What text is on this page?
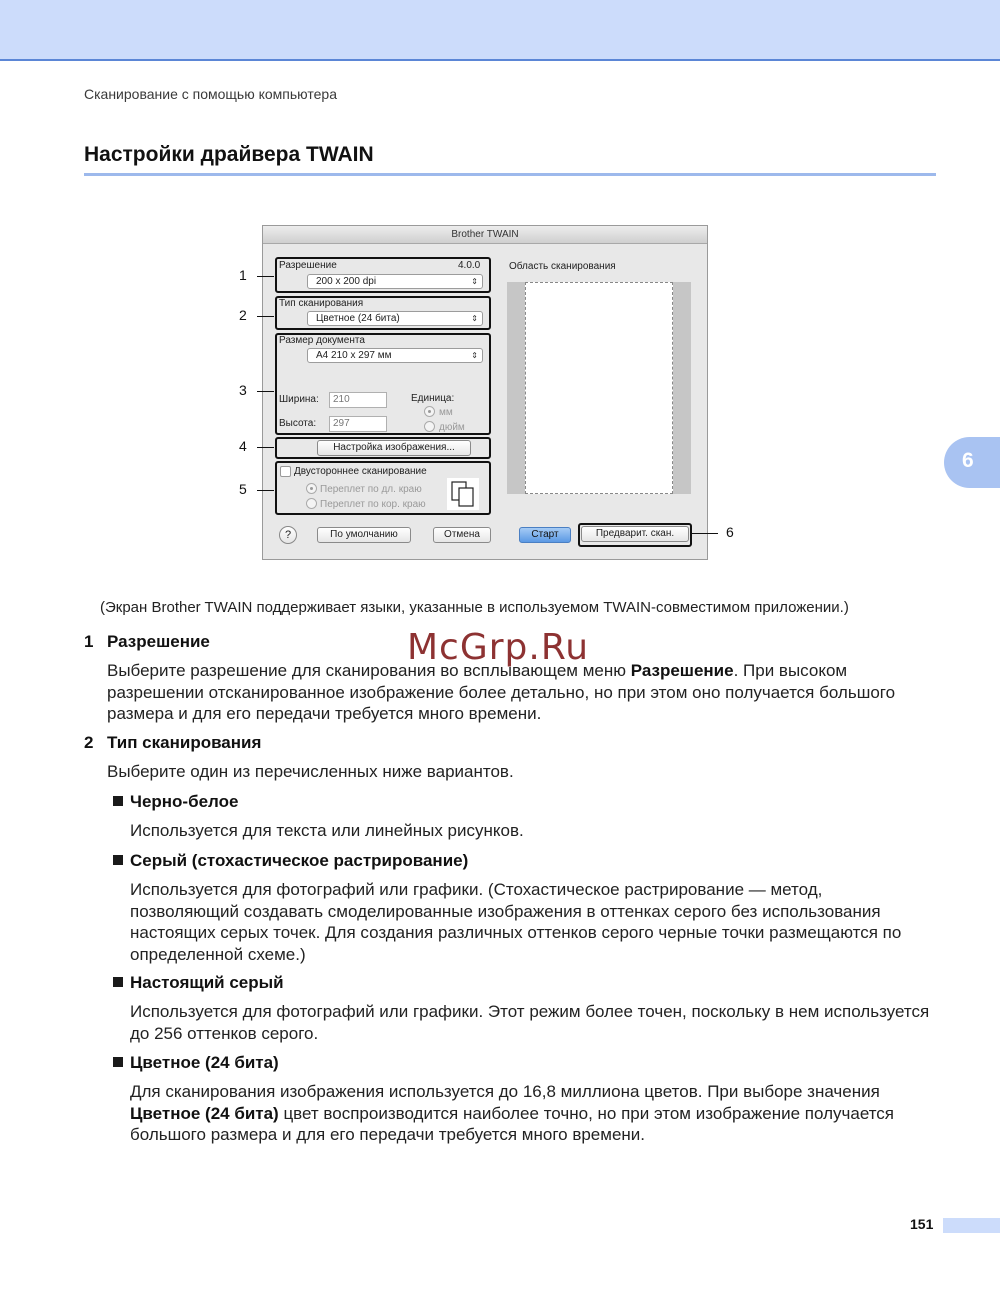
Сканирование с помощью компьютера
Настройки драйвера TWAIN
6
Brother TWAIN
Разрешение	4.0.0
200 x 200 dpi	⇕
Тип сканирования
Цветное (24 бита)	⇕
Размер документа
A4 210 x 297 мм	⇕
Ширина:	210
Высота:	297
Единица:
мм
дюйм
Настройка изображения...
Двустороннее сканирование
Переплет по дл. краю
Переплет по кор. краю
?	По умолчанию	Отмена	Старт	Предварит. скан.
Область сканирования
1
2
3
4
5
6
(Экран Brother TWAIN поддерживает языки, указанные в используемом TWAIN-совместимом приложении.)
McGrp.Ru
1 Разрешение
Выберите разрешение для сканирования во всплывающем меню Разрешение. При высоком разрешении отсканированное изображение более детально, но при этом оно получается большого размера и для его передачи требуется много времени.
2 Тип сканирования
Выберите один из перечисленных ниже вариантов.
Черно-белое
Используется для текста или линейных рисунков.
Серый (стохастическое растрирование)
Используется для фотографий или графики. (Стохастическое растрирование — метод, позволяющий создавать смоделированные изображения в оттенках серого без использования настоящих серых точек. Для создания различных оттенков серого черные точки размещаются по определенной схеме.)
Настоящий серый
Используется для фотографий или графики. Этот режим более точен, поскольку в нем используется до 256 оттенков серого.
Цветное (24 бита)
Для сканирования изображения используется до 16,8 миллиона цветов. При выборе значения Цветное (24 бита) цвет воспроизводится наиболее точно, но при этом изображение получается большого размера и для его передачи требуется много времени.
151
